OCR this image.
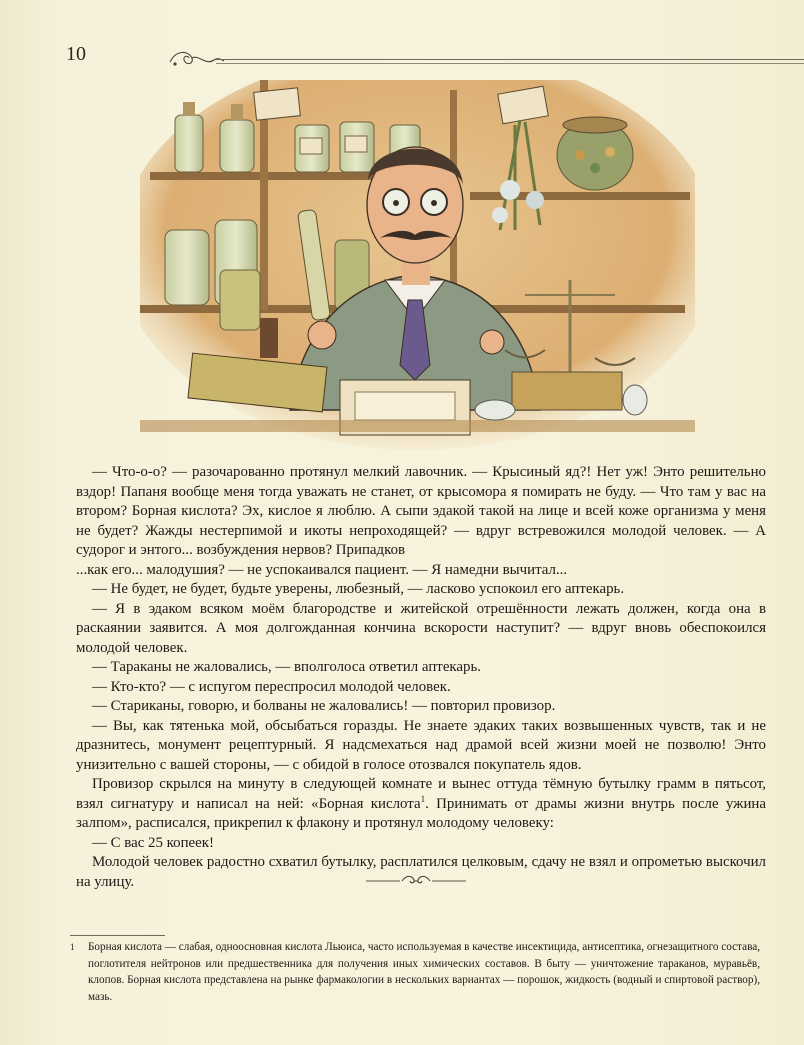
10

— Что-о-о? — разочарованно протянул мелкий лавочник. — Крысиный яд?! Нет уж! Энто решительно вздор! Папаня вообще меня тогда уважать не станет, от крысомора я помирать не буду. — Что там у вас на втором? Борная кислота? Эх, кислое я люблю. А сыпи эдакой такой на лице и всей коже организма у меня не будет? Жажды нестерпимой и икоты непроходящей? — вдруг встревожился молодой человек. — А судорог и энтого... возбуждения нервов? Припадков

...как его... малодушия? — не успокаивался пациент. — Я намедни вычитал...

— Не будет, не будет, будьте уверены, любезный, — ласково успокоил его аптекарь.

— Я в эдаком всяком моём благородстве и житейской отрешённости лежать должен, когда она в раскаянии заявится. А моя долгожданная кончина вскорости наступит? — вдруг вновь обеспокоился молодой человек.

— Тараканы не жаловались, — вполголоса ответил аптекарь.

— Кто-кто? — с испугом переспросил молодой человек.

— Стариканы, говорю, и болваны не жаловались! — повторил провизор.

— Вы, как тятенька мой, обсыбаться горазды. Не знаете эдаких таких возвышенных чувств, так и не дразнитесь, монумент рецептурный. Я надсмехаться над драмой всей жизни моей не позволю! Энто унизительно с вашей стороны, — с обидой в голосе отозвался покупатель ядов.

Провизор скрылся на минуту в следующей комнате и вынес оттуда тёмную бутылку грамм в пятьсот, взял сигнатуру и написал на ней: «Борная кислота$^1$. Принимать от драмы жизни внутрь после ужина залпом», расписался, прикрепил к флакону и протянул молодому человеку:

— С вас 25 копеек!

Молодой человек радостно схватил бутылку, расплатился целковым, сдачу не взял и опрометью выскочил на улицу.

1 Борная кислота — слабая, одноосновная кислота Льюиса, часто используемая в качестве инсектицида, антисептика, огнезащитного состава, поглотителя нейтронов или предшественника для получения иных химических составов. В быту — уничтожение тараканов, муравьёв, клопов. Борная кислота представлена на рынке фармакологии в нескольких вариантах — порошок, жидкость (водный и спиртовой раствор), мазь.
